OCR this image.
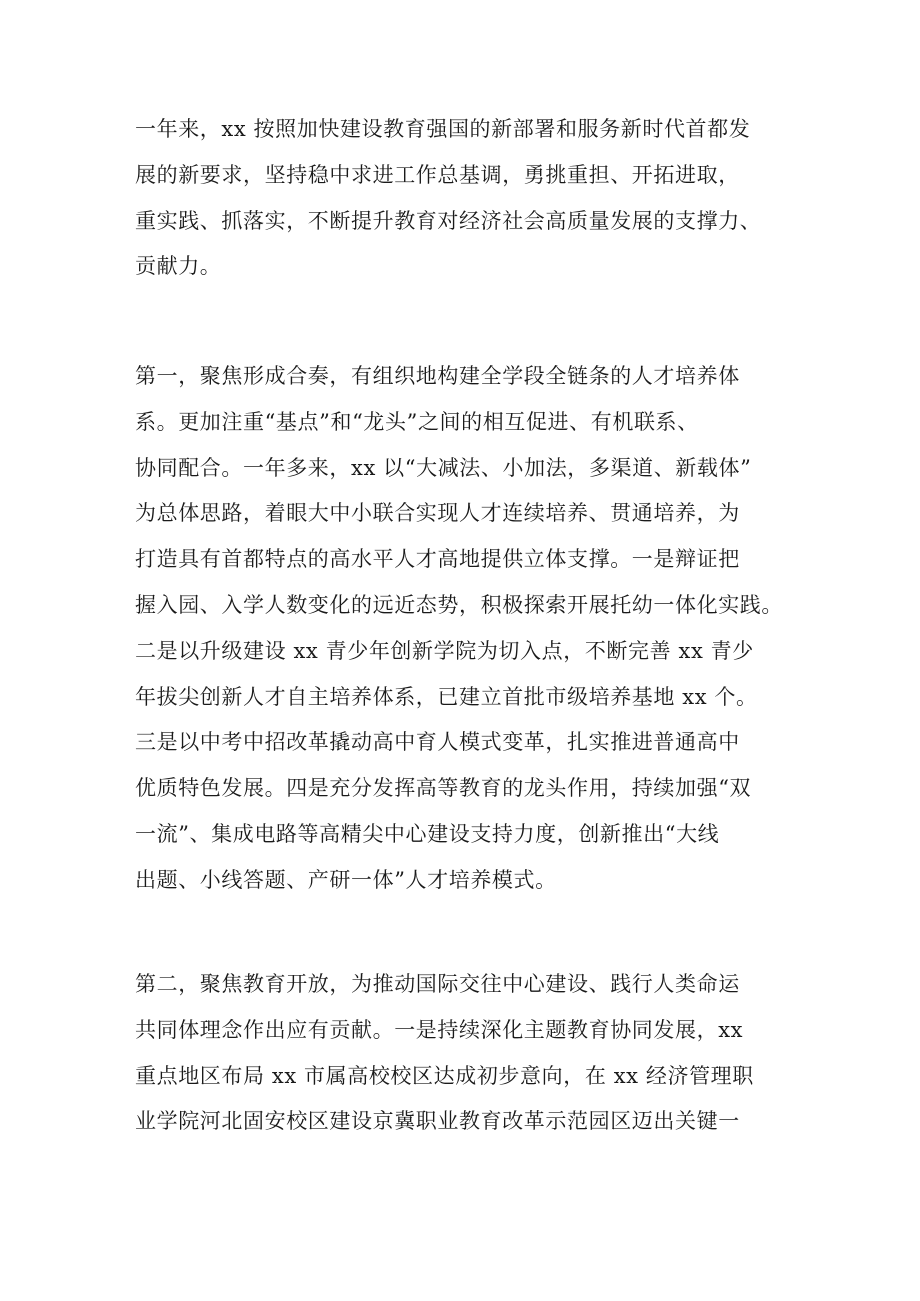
一年来，xx 按照加快建设教育强国的新部署和服务新时代首都发
展的新要求，坚持稳中求进工作总基调，勇挑重担、开拓进取，
重实践、抓落实，不断提升教育对经济社会高质量发展的支撑力、
贡献力。
第一，聚焦形成合奏，有组织地构建全学段全链条的人才培养体
系。更加注重“基点”和“龙头”之间的相互促进、有机联系、
协同配合。一年多来，xx 以“大减法、小加法，多渠道、新载体”
为总体思路，着眼大中小联合实现人才连续培养、贯通培养，为
打造具有首都特点的高水平人才高地提供立体支撑。一是辩证把
握入园、入学人数变化的远近态势，积极探索开展托幼一体化实践。
二是以升级建设 xx 青少年创新学院为切入点，不断完善 xx 青少
年拔尖创新人才自主培养体系，已建立首批市级培养基地 xx 个。
三是以中考中招改革撬动高中育人模式变革，扎实推进普通高中
优质特色发展。四是充分发挥高等教育的龙头作用，持续加强“双
一流”、集成电路等高精尖中心建设支持力度，创新推出“大线
出题、小线答题、产研一体”人才培养模式。
第二，聚焦教育开放，为推动国际交往中心建设、践行人类命运
共同体理念作出应有贡献。一是持续深化主题教育协同发展，xx
重点地区布局 xx 市属高校校区达成初步意向，在 xx 经济管理职
业学院河北固安校区建设京冀职业教育改革示范园区迈出关键一
